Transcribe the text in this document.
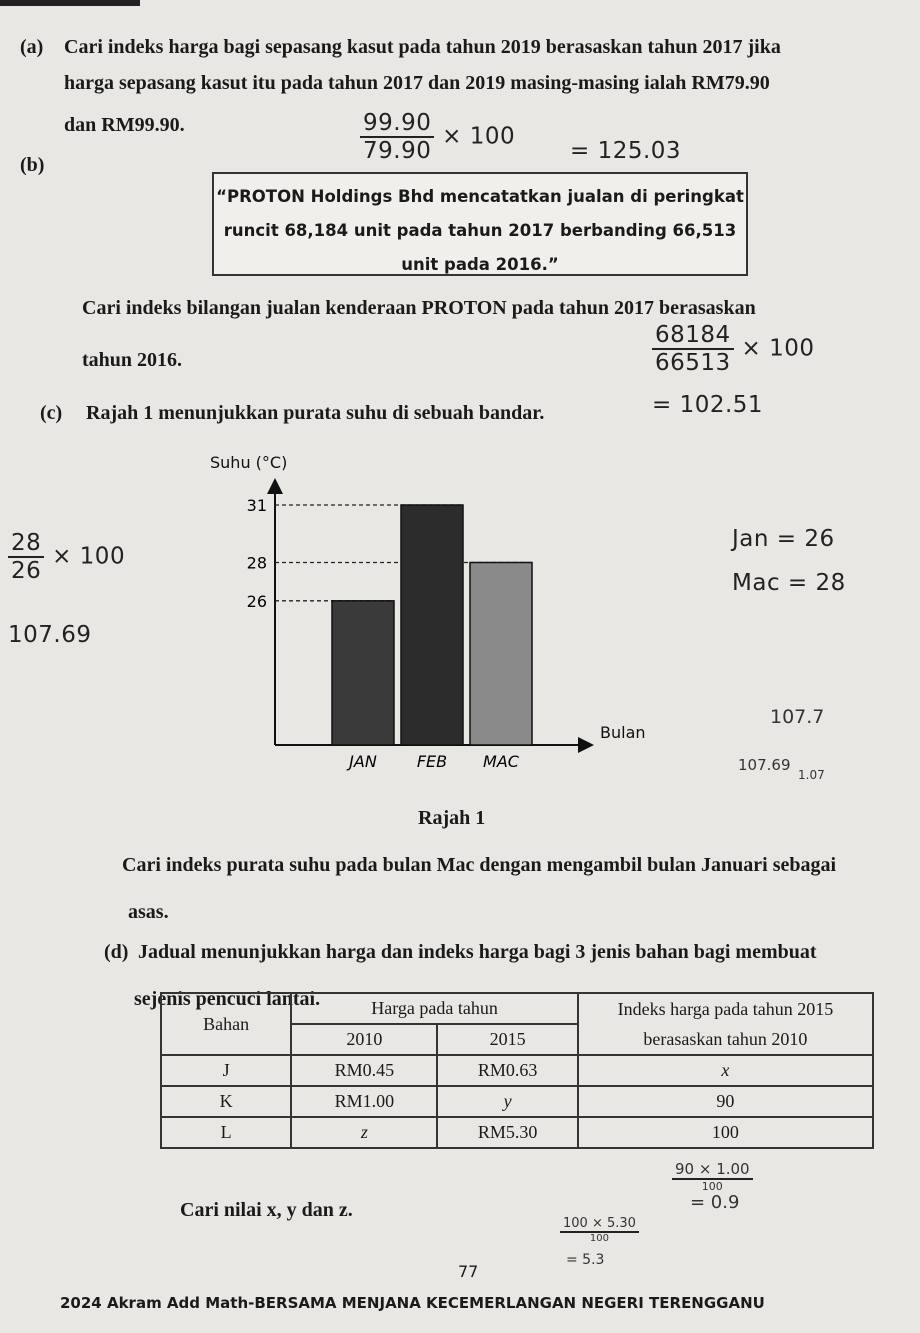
(a) Cari indeks harga bagi sepasang kasut pada tahun 2019 berasaskan tahun 2017 jika
harga sepasang kasut itu pada tahun 2017 dan 2019 masing-masing ialah RM79.90
dan RM99.90.	$\frac{99.90}{79.90} \times 100$
= 125.03
(b)
“PROTON Holdings Bhd mencatatkan jualan di peringkat
runcit 68,184 unit pada tahun 2017 berbanding 66,513
unit pada 2016.”
Cari indeks bilangan jualan kenderaan PROTON pada tahun 2017 berasaskan
tahun 2016.	$\frac{68184}{66513} \times 100$
= 102.51
(c) Rajah 1 menunjukkan purata suhu di sebuah bandar.
$\frac{28}{26} \times 100$
107.69
Jan = 26
Mac = 28
107.7
107.69
1.07
Suhu (°C)
Bulan
26
28
31
JAN	FEB MAC
Rajah 1
Cari indeks purata suhu pada bulan Mac dengan mengambil bulan Januari sebagai
asas.
(d) Jadual menunjukkan harga dan indeks harga bagi 3 jenis bahan bagi membuat
sejenis pencuci lantai.
Bahan	Harga pada tahun		Indeks harga pada tahun 2015
	2010	2015	berasaskan tahun 2010
J	RM0.45	RM0.63	x
K	RM1.00	y	90
L	z	RM5.30	100
$\frac{90 \times 1.00}{100}$
= 0.9
Cari nilai x, y dan z.
$\frac{100 \times 5.30}{100}$
= 5.3
77
2024 Akram Add Math-BERSAMA MENJANA KECEMERLANGAN NEGERI TERENGGANU
